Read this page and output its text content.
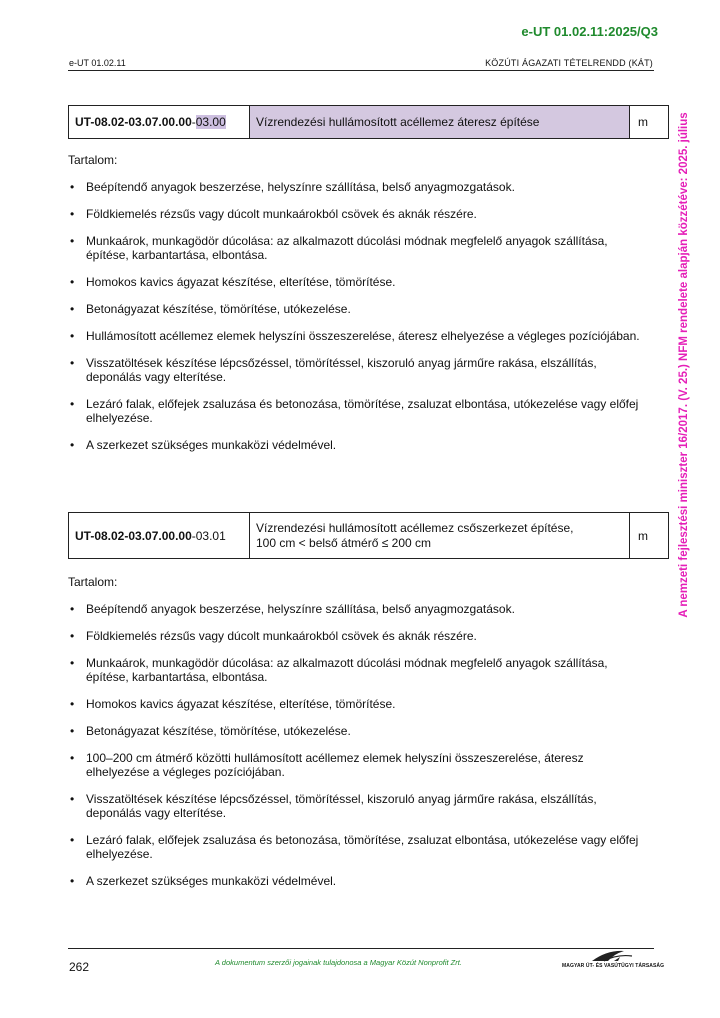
e-UT 01.02.11:2025/Q3
e-UT 01.02.11	KÖZÚTI ÁGAZATI TÉTELRENDD (KÁT)
UT-08.02-03.07.00.00-03.00	Vízrendezési hullámosított acéllemez áteresz építése	m

Tartalom:

• Beépítendő anyagok beszerzése, helyszínre szállítása, belső anyagmozgatások.
• Földkiemelés rézsűs vagy dúcolt munkaárokból csövek és aknák részére.
• Munkaárok, munkagödör dúcolása: az alkalmazott dúcolási módnak megfelelő anyagok szállítása, építése, karbantartása, elbontása.
• Homokos kavics ágyazat készítése, elterítése, tömörítése.
• Betonágyazat készítése, tömörítése, utókezelése.
• Hullámosított acéllemez elemek helyszíni összeszerelése, áteresz elhelyezése a végleges pozíciójában.
• Visszatöltések készítése lépcsőzéssel, tömörítéssel, kiszoruló anyag járműre rakása, elszállítás, deponálás vagy elterítése.
• Lezáró falak, előfejek zsaluzása és betonozása, tömörítése, zsaluzat elbontása, utókezelése vagy előfej elhelyezése.
• A szerkezet szükséges munkaközi védelmével.
UT-08.02-03.07.00.00-03.01	Vízrendezési hullámosított acéllemez csőszerkezet építése,
100 cm < belső átmérő ≤ 200 cm	m

Tartalom:

• Beépítendő anyagok beszerzése, helyszínre szállítása, belső anyagmozgatások.
• Földkiemelés rézsűs vagy dúcolt munkaárokból csövek és aknák részére.
• Munkaárok, munkagödör dúcolása: az alkalmazott dúcolási módnak megfelelő anyagok szállítása, építése, karbantartása, elbontása.
• Homokos kavics ágyazat készítése, elterítése, tömörítése.
• Betonágyazat készítése, tömörítése, utókezelése.
• 100–200 cm átmérő közötti hullámosított acéllemez elemek helyszíni összeszerelése, áteresz elhelyezése a végleges pozíciójában.
• Visszatöltések készítése lépcsőzéssel, tömörítéssel, kiszoruló anyag járműre rakása, elszállítás, deponálás vagy elterítése.
• Lezáró falak, előfejek zsaluzása és betonozása, tömörítése, zsaluzat elbontása, utókezelése vagy előfej elhelyezése.
• A szerkezet szükséges munkaközi védelmével.
A nemzeti fejlesztési miniszter 16/2017. (V. 25.) NFM rendelete alapján közzétéve: 2025. július
262	A dokumentum szerzői jogainak tulajdonosa a Magyar Közút Nonprofit Zrt.	MAGYAR ÚT- ÉS VASÚTÜGYI TÁRSASÁG
